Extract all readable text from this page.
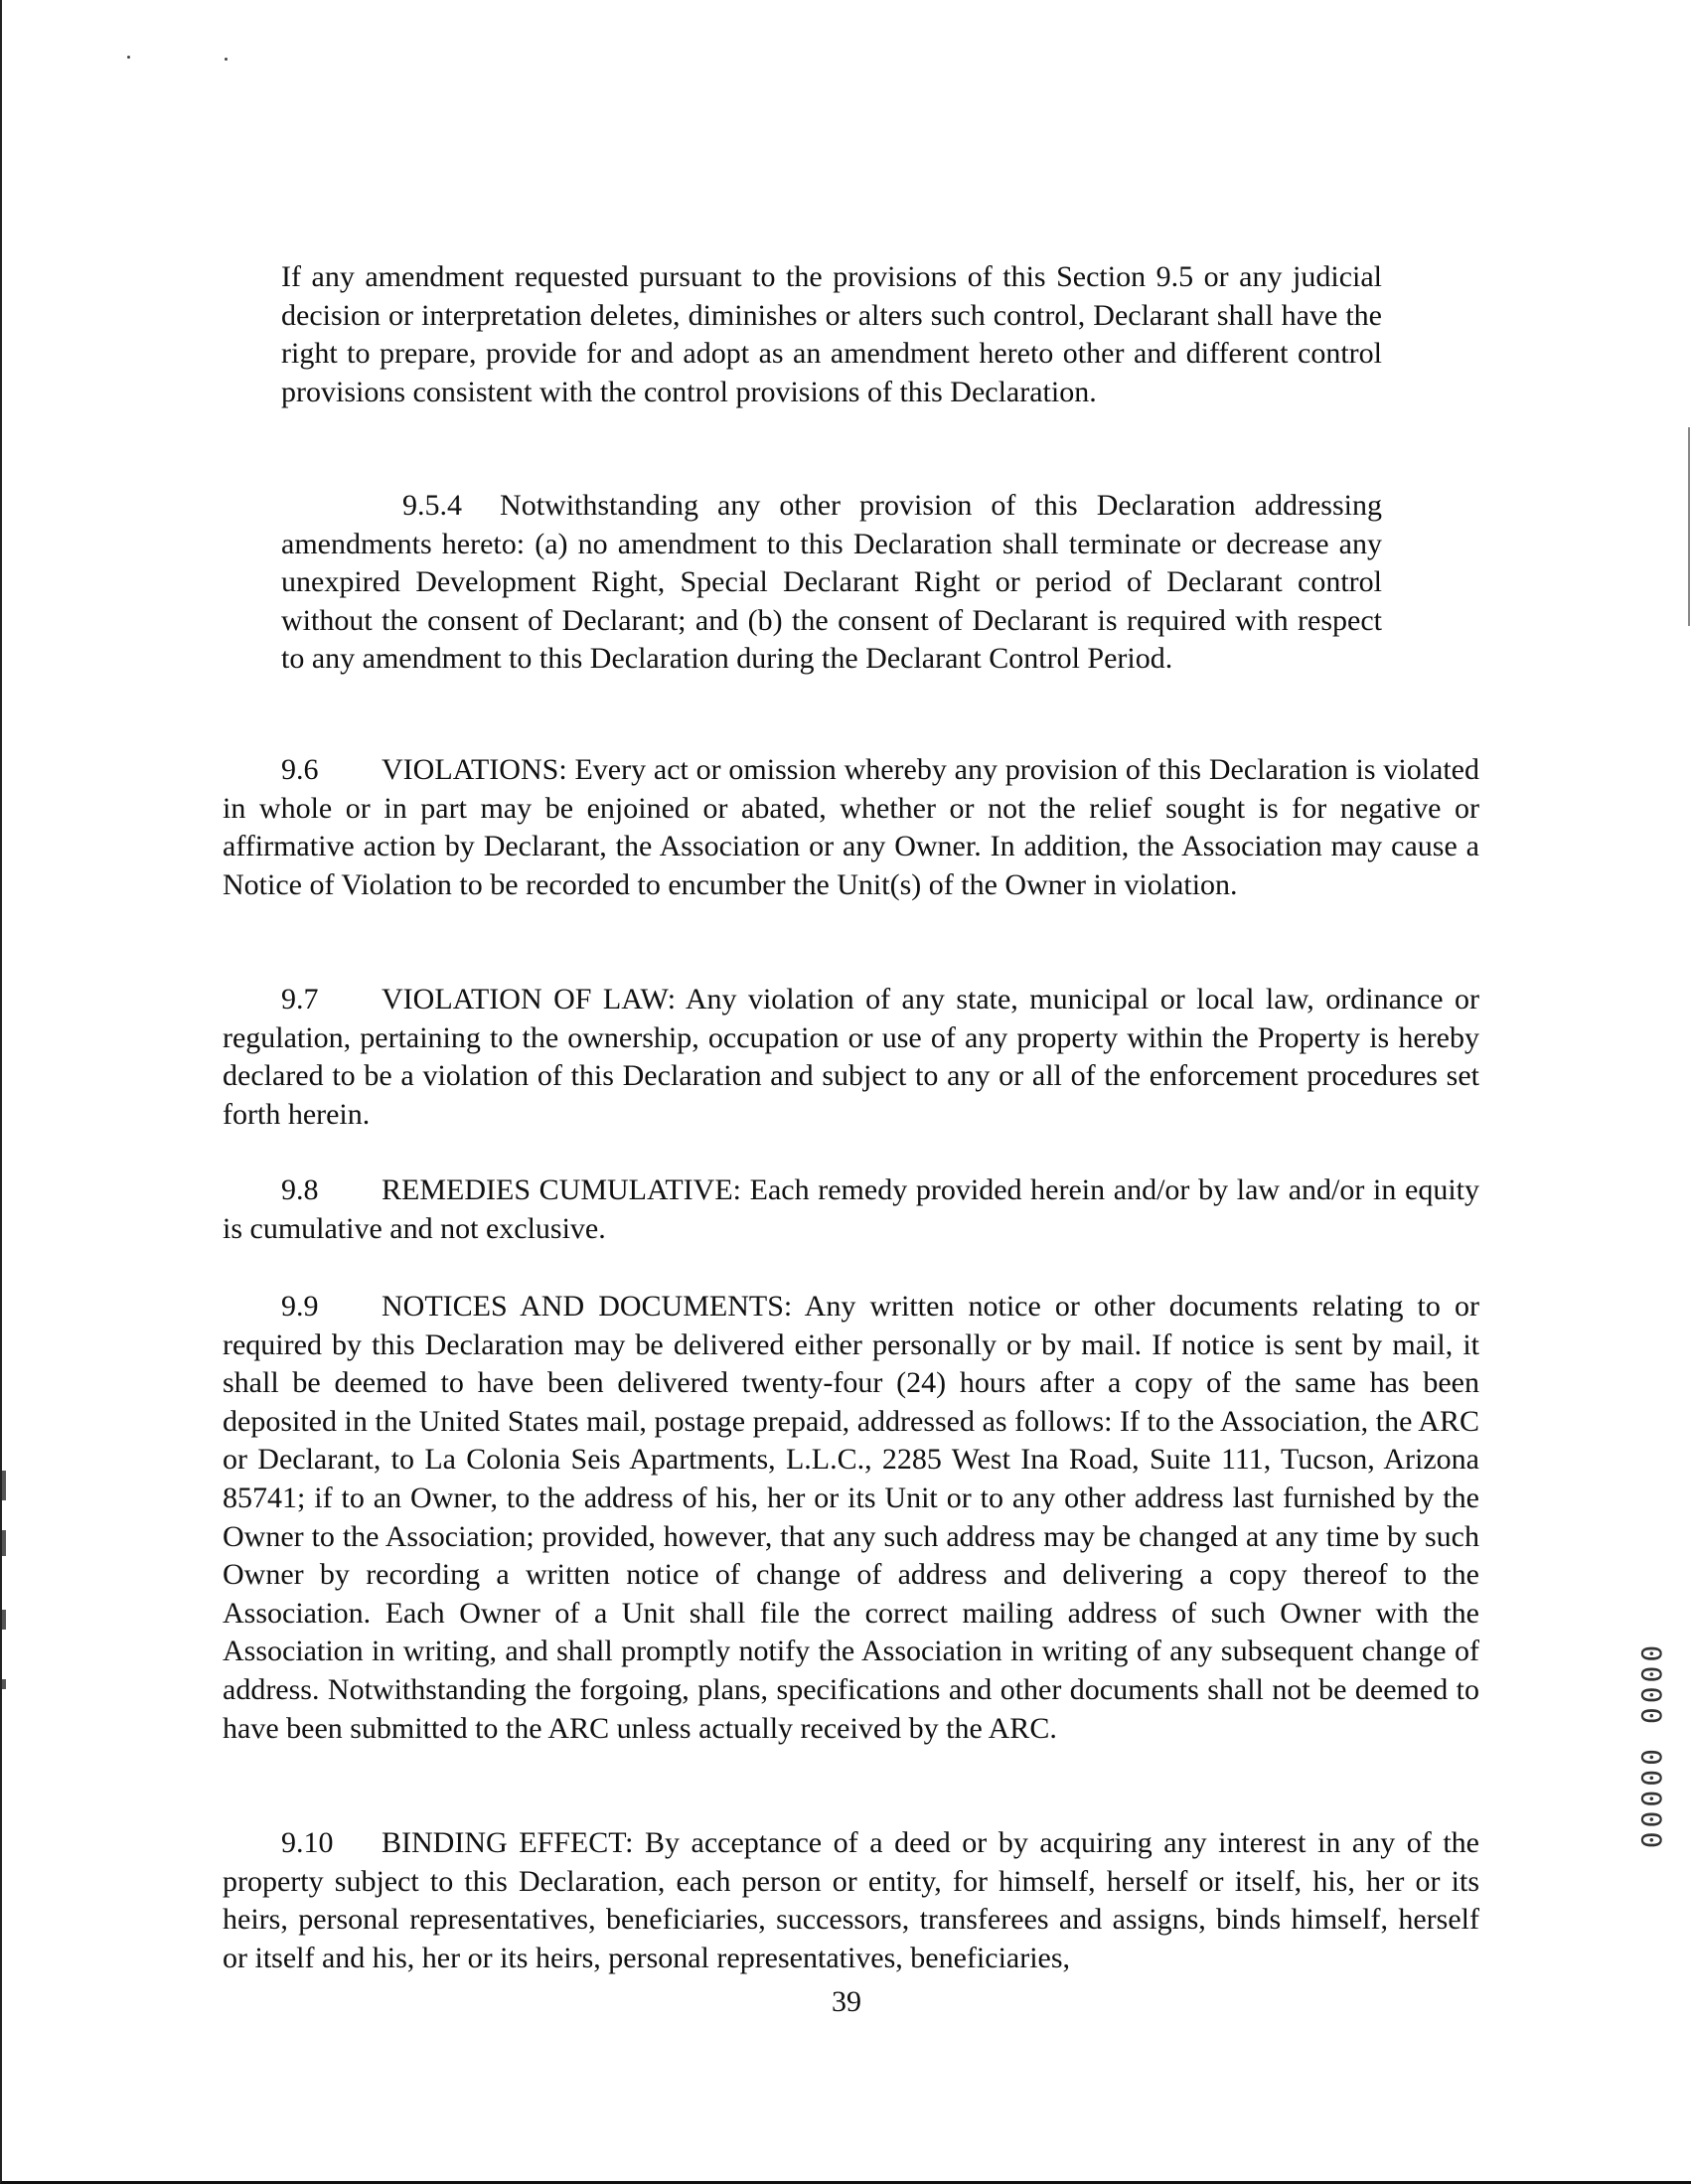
If any amendment requested pursuant to the provisions of this Section 9.5 or any judicial decision or interpretation deletes, diminishes or alters such control, Declarant shall have the right to prepare, provide for and adopt as an amendment hereto other and different control provisions consistent with the control provisions of this Declaration.

9.5.4 Notwithstanding any other provision of this Declaration addressing amendments hereto: (a) no amendment to this Declaration shall terminate or decrease any unexpired Development Right, Special Declarant Right or period of Declarant control without the consent of Declarant; and (b) the consent of Declarant is required with respect to any amendment to this Declaration during the Declarant Control Period.

9.6 VIOLATIONS: Every act or omission whereby any provision of this Declaration is violated in whole or in part may be enjoined or abated, whether or not the relief sought is for negative or affirmative action by Declarant, the Association or any Owner. In addition, the Association may cause a Notice of Violation to be recorded to encumber the Unit(s) of the Owner in violation.

9.7 VIOLATION OF LAW: Any violation of any state, municipal or local law, ordinance or regulation, pertaining to the ownership, occupation or use of any property within the Property is hereby declared to be a violation of this Declaration and subject to any or all of the enforcement procedures set forth herein.

9.8 REMEDIES CUMULATIVE: Each remedy provided herein and/or by law and/or in equity is cumulative and not exclusive.

9.9 NOTICES AND DOCUMENTS: Any written notice or other documents relating to or required by this Declaration may be delivered either personally or by mail. If notice is sent by mail, it shall be deemed to have been delivered twenty-four (24) hours after a copy of the same has been deposited in the United States mail, postage prepaid, addressed as follows: If to the Association, the ARC or Declarant, to La Colonia Seis Apartments, L.L.C., 2285 West Ina Road, Suite 111, Tucson, Arizona 85741; if to an Owner, to the address of his, her or its Unit or to any other address last furnished by the Owner to the Association; provided, however, that any such address may be changed at any time by such Owner by recording a written notice of change of address and delivering a copy thereof to the Association. Each Owner of a Unit shall file the correct mailing address of such Owner with the Association in writing, and shall promptly notify the Association in writing of any subsequent change of address. Notwithstanding the forgoing, plans, specifications and other documents shall not be deemed to have been submitted to the ARC unless actually received by the ARC.

9.10 BINDING EFFECT: By acceptance of a deed or by acquiring any interest in any of the property subject to this Declaration, each person or entity, for himself, herself or itself, his, her or its heirs, personal representatives, beneficiaries, successors, transferees and assigns, binds himself, herself or itself and his, her or its heirs, personal representatives, beneficiaries,

39
0000 00000
